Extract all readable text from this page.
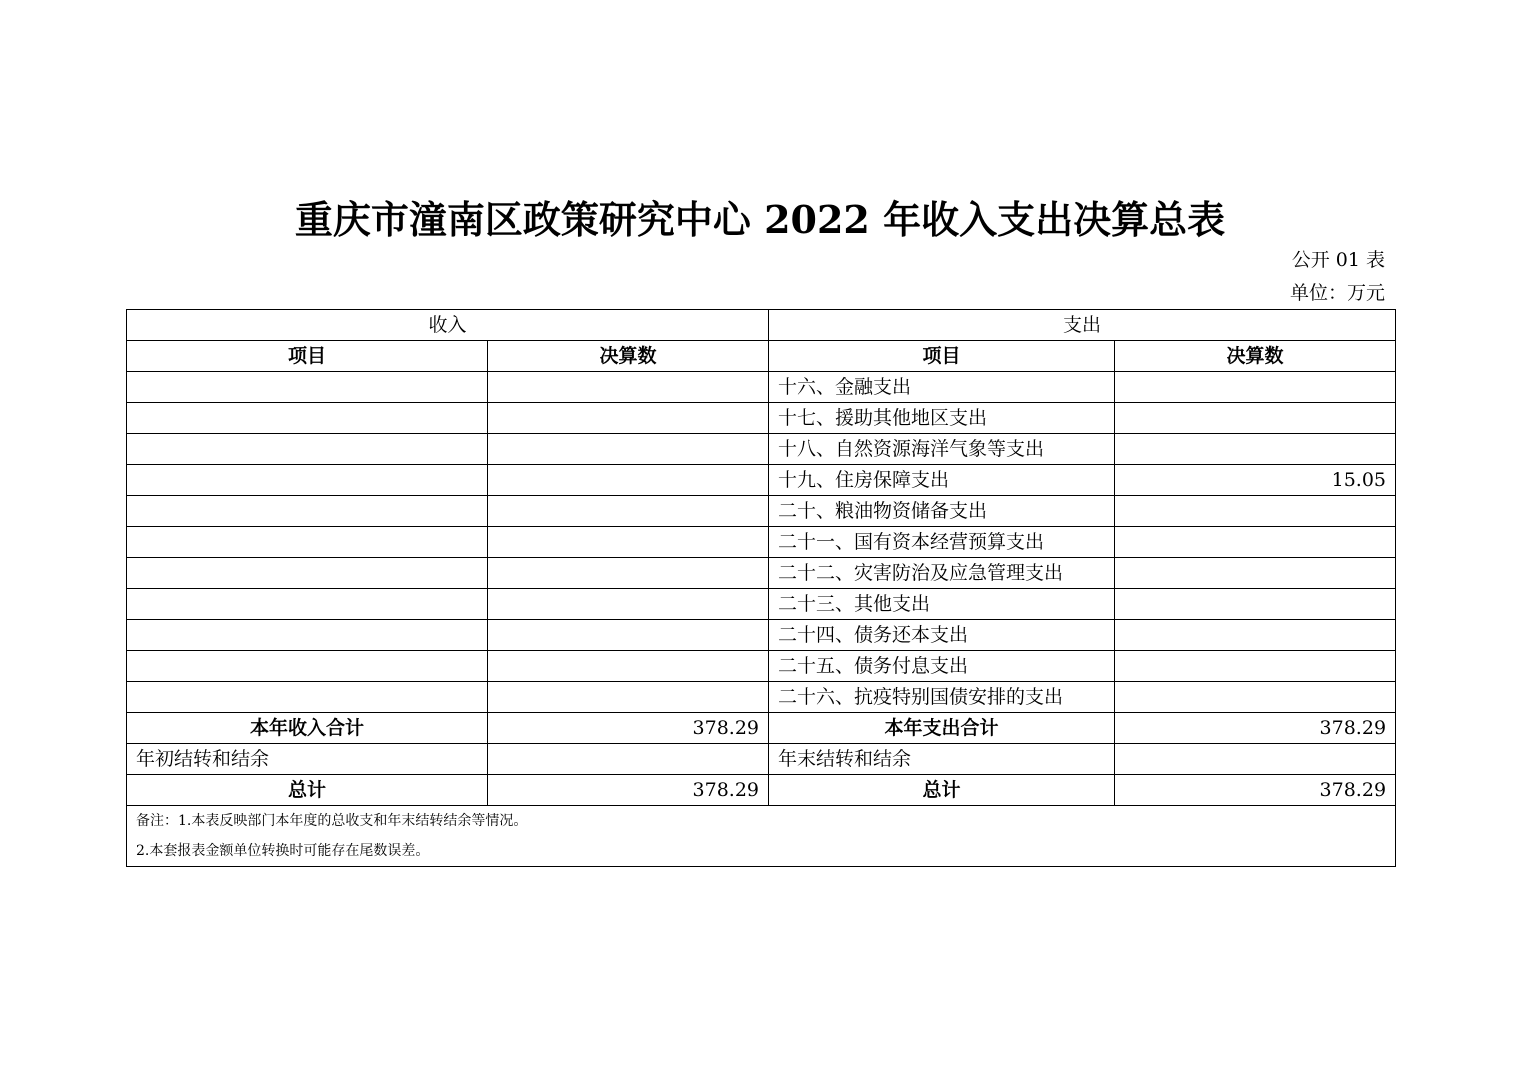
重庆市潼南区政策研究中心 2022 年收入支出决算总表
公开 01 表
单位：万元
收入		支出	
项目	决算数	项目	决算数
		十六、金融支出	
		十七、援助其他地区支出	
		十八、自然资源海洋气象等支出	
		十九、住房保障支出	15.05
		二十、粮油物资储备支出	
		二十一、国有资本经营预算支出	
		二十二、灾害防治及应急管理支出	
		二十三、其他支出	
		二十四、债务还本支出	
		二十五、债务付息支出	
		二十六、抗疫特别国债安排的支出	
本年收入合计	378.29	本年支出合计	378.29
年初结转和结余		年末结转和结余	
总计	378.29	总计	378.29

备注：1.本表反映部门本年度的总收支和年末结转结余等情况。
2.本套报表金额单位转换时可能存在尾数误差。			
